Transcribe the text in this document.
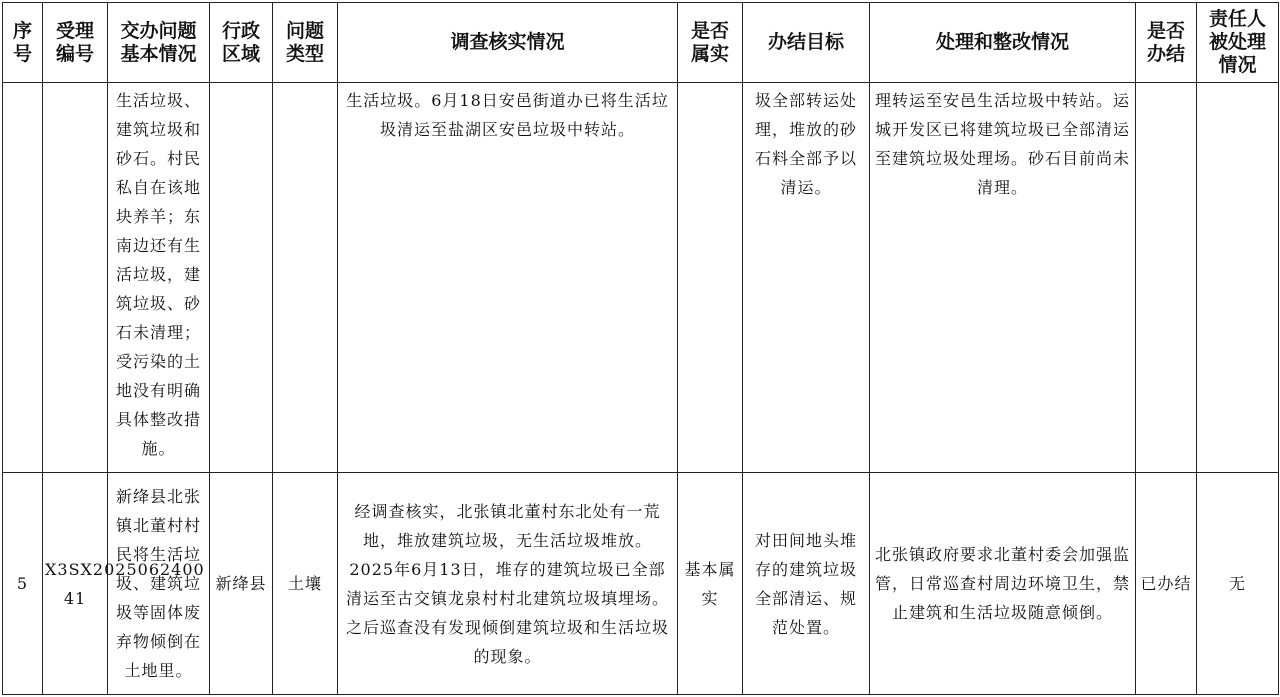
序号	受理编号	交办问题基本情况	行政区域	问题类型	调查核实情况	是否属实	办结目标	处理和整改情况	是否办结	责任人被处理情况
		生活垃圾、建筑垃圾和砂石。村民私自在该地块养羊；东南边还有生活垃圾，建筑垃圾、砂石未清理；受污染的土地没有明确具体整改措施。			生活垃圾。6月18日安邑街道办已将生活垃圾清运至盐湖区安邑垃圾中转站。		圾全部转运处理，堆放的砂石料全部予以清运。	理转运至安邑生活垃圾中转站。运城开发区已将建筑垃圾已全部清运至建筑垃圾处理场。砂石目前尚未清理。		
5	X3SX2025062400 41	新绛县北张镇北董村村民将生活垃圾、建筑垃圾等固体废弃物倾倒在土地里。	新绛县	土壤	经调查核实，北张镇北董村东北处有一荒地，堆放建筑垃圾，无生活垃圾堆放。2025年6月13日，堆存的建筑垃圾已全部清运至古交镇龙泉村村北建筑垃圾填埋场。之后巡查没有发现倾倒建筑垃圾和生活垃圾的现象。	基本属实	对田间地头堆存的建筑垃圾全部清运、规范处置。	北张镇政府要求北董村委会加强监管，日常巡查村周边环境卫生，禁止建筑和生活垃圾随意倾倒。	已办结	无
